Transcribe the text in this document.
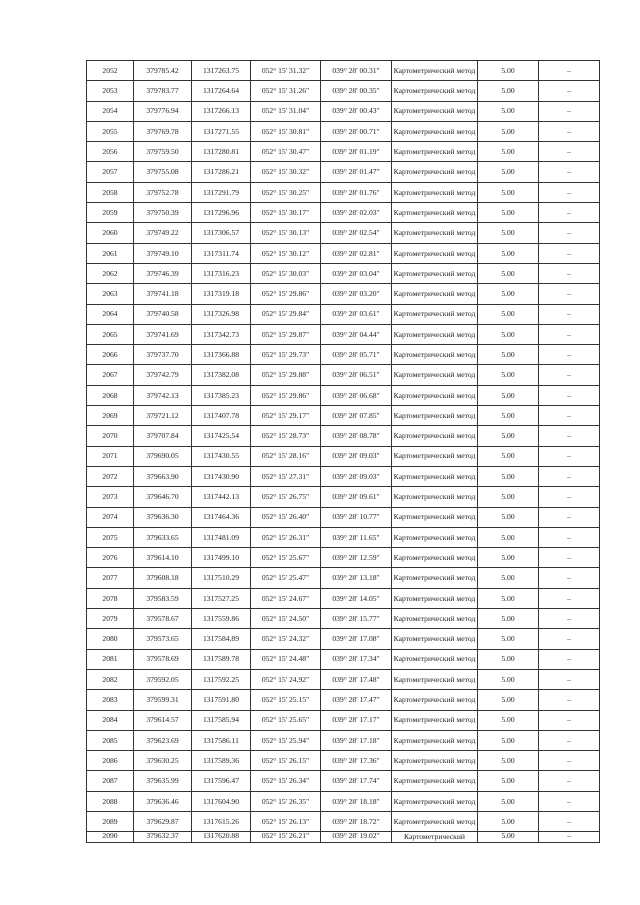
2052	379785.42	1317263.75	052° 15' 31.32"	039° 28' 00.31"	Картометрический метод	5.00	–
2053	379783.77	1317264.64	052° 15' 31.26"	039° 28' 00.35"	Картометрический метод	5.00	–
2054	379776.94	1317266.13	052° 15' 31.04"	039° 28' 00.43"	Картометрический метод	5.00	–
2055	379769.78	1317271.55	052° 15' 30.81"	039° 28' 00.71"	Картометрический метод	5.00	–
2056	379759.50	1317280.81	052° 15' 30.47"	039° 28' 01.19"	Картометрический метод	5.00	–
2057	379755.08	1317286.21	052° 15' 30.32"	039° 28' 01.47"	Картометрический метод	5.00	–
2058	379752.78	1317291.79	052° 15' 30.25"	039° 28' 01.76"	Картометрический метод	5.00	–
2059	379750.39	1317296.96	052° 15' 30.17"	039° 28' 02.03"	Картометрический метод	5.00	–
2060	379749.22	1317306.57	052° 15' 30.13"	039° 28' 02.54"	Картометрический метод	5.00	–
2061	379749.10	1317311.74	052° 15' 30.12"	039° 28' 02.81"	Картометрический метод	5.00	–
2062	379746.39	1317316.23	052° 15' 30.03"	039° 28' 03.04"	Картометрический метод	5.00	–
2063	379741.18	1317319.18	052° 15' 29.86"	039° 28' 03.20"	Картометрический метод	5.00	–
2064	379740.58	1317326.98	052° 15' 29.84"	039° 28' 03.61"	Картометрический метод	5.00	–
2065	379741.69	1317342.73	052° 15' 29.87"	039° 28' 04.44"	Картометрический метод	5.00	–
2066	379737.70	1317366.88	052° 15' 29.73"	039° 28' 05.71"	Картометрический метод	5.00	–
2067	379742.79	1317382.08	052° 15' 29.88"	039° 28' 06.51"	Картометрический метод	5.00	–
2068	379742.13	1317385.23	052° 15' 29.86"	039° 28' 06.68"	Картометрический метод	5.00	–
2069	379721.12	1317407.78	052° 15' 29.17"	039° 28' 07.85"	Картометрический метод	5.00	–
2070	379707.84	1317425.54	052° 15' 28.73"	039° 28' 08.78"	Картометрический метод	5.00	–
2071	379690.05	1317430.55	052° 15' 28.16"	039° 28' 09.03"	Картометрический метод	5.00	–
2072	379663.90	1317430.90	052° 15' 27.31"	039° 28' 09.03"	Картометрический метод	5.00	–
2073	379646.70	1317442.13	052° 15' 26.75"	039° 28' 09.61"	Картометрический метод	5.00	–
2074	379636.30	1317464.36	052° 15' 26.40"	039° 28' 10.77"	Картометрический метод	5.00	–
2075	379633.65	1317481.09	052° 15' 26.31"	039° 28' 11.65"	Картометрический метод	5.00	–
2076	379614.10	1317499.10	052° 15' 25.67"	039° 28' 12.59"	Картометрический метод	5.00	–
2077	379608.18	1317510.29	052° 15' 25.47"	039° 28' 13.18"	Картометрический метод	5.00	–
2078	379583.59	1317527.25	052° 15' 24.67"	039° 28' 14.05"	Картометрический метод	5.00	–
2079	379578.67	1317559.86	052° 15' 24.50"	039° 28' 15.77"	Картометрический метод	5.00	–
2080	379573.65	1317584.89	052° 15' 24.32"	039° 28' 17.08"	Картометрический метод	5.00	–
2081	379578.69	1317589.78	052° 15' 24.48"	039° 28' 17.34"	Картометрический метод	5.00	–
2082	379592.05	1317592.25	052° 15' 24.92"	039° 28' 17.48"	Картометрический метод	5.00	–
2083	379599.31	1317591.80	052° 15' 25.15"	039° 28' 17.47"	Картометрический метод	5.00	–
2084	379614.57	1317585.94	052° 15' 25.65"	039° 28' 17.17"	Картометрический метод	5.00	–
2085	379623.69	1317586.11	052° 15' 25.94"	039° 28' 17.18"	Картометрический метод	5.00	–
2086	379630.25	1317589.36	052° 15' 26.15"	039° 28' 17.36"	Картометрический метод	5.00	–
2087	379635.99	1317596.47	052° 15' 26.34"	039° 28' 17.74"	Картометрический метод	5.00	–
2088	379636.46	1317604.90	052° 15' 26.35"	039° 28' 18.18"	Картометрический метод	5.00	–
2089	379629.87	1317615.26	052° 15' 26.13"	039° 28' 18.72"	Картометрический метод	5.00	–
2090	379632.37	1317620.88	052° 15' 26.21"	039° 28' 19.02"	Картометрический	5.00	–
